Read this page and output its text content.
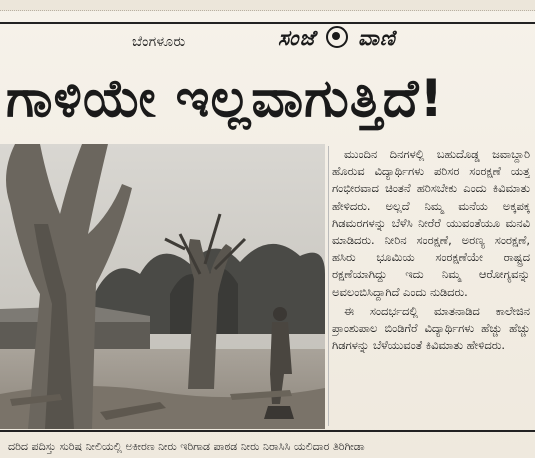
ಬೆಂಗಳೂರು	ಸಂಜೆ ವಾಣಿ
ಗಾಳಿಯೇ ಇಲ್ಲವಾಗುತ್ತಿದೆ!

ಮುಂದಿನ ದಿನಗಳಲ್ಲಿ ಬಹುದೊಡ್ಡ ಜವಾಬ್ದಾರಿ ಹೊರುವ ವಿದ್ಯಾರ್ಥಿಗಳು ಪರಿಸರ ಸಂರಕ್ಷಣೆ ಯತ್ತ ಗಂಭೀರವಾದ ಚಿಂತನೆ ಹರಿಸಬೇಕು ಎಂದು ಕಿವಿಮಾತು ಹೇಳಿದರು. ಅಲ್ಲದೆ ನಿಮ್ಮ ಮನೆಯ ಅಕ್ಕಪಕ್ಕ ಗಿಡಮರಗಳನ್ನು ಬೆಳೆಸಿ ನೀರೆರೆ ಯುವಂತೆಯೂ ಮನವಿ ಮಾಡಿದರು. ನೀರಿನ ಸಂರಕ್ಷಣೆ, ಅರಣ್ಯ ಸಂರಕ್ಷಣೆ, ಹಸಿರು ಭೂಮಿಯ ಸಂರಕ್ಷಣೆಯೇ ರಾಷ್ಟ್ರದ ರಕ್ಷಣೆಯಾಗಿದ್ದು ಇದು ನಿಮ್ಮ ಆರೋಗ್ಯವನ್ನು ಅವಲಂಬಿಸಿದ್ದಾಗಿದೆ ಎಂದು ನುಡಿದರು.

ಈ ಸಂದರ್ಭದಲ್ಲಿ ಮಾತನಾಡಿದ ಕಾಲೇಜಿನ ಪ್ರಾಂಶುಪಾಲ ಬಿಂಡಿಗೆರೆ ವಿದ್ಯಾರ್ಥಿಗಳು ಹೆಚ್ಚು ಹೆಚ್ಚು ಗಿಡಗಳನ್ನು ಬೆಳೆಯುವಂತೆ ಕಿವಿಮಾತು ಹೇಳಿದರು.

ದರಿದ ಪದಿಸ್ತು ಸುರಿಷ ನೀಲಿಯಲ್ಲಿ ಅಕೀರಣ ನೀರು ಇರಿಗಾಡ ಪಾಠಡ ನೀರು ನಿರಾಸಿಸಿ ಯಲಿದಾರ ತಿರಿಗೀಡಾ
